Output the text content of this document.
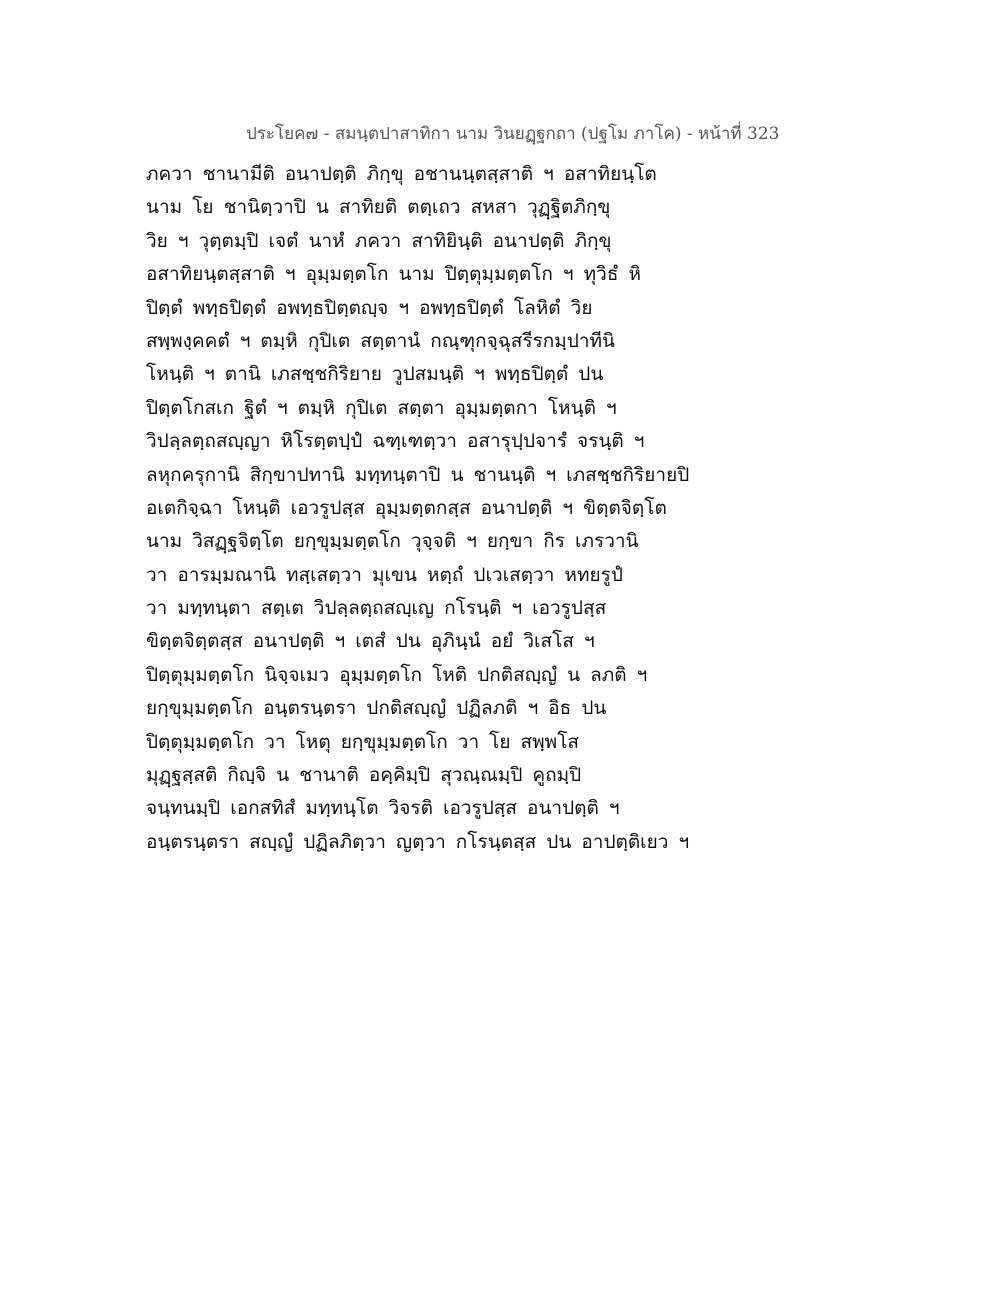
ประโยค๗ - สมนฺตปาสาทิกา นาม วินยฏฺฐกถา (ปฐโม ภาโค) - หน้าที่ 323
ภควา ชานามีติ อนาปตฺติ ภิกฺขุ อชานนฺตสฺสาติ ฯ อสาทิยนฺโต
นาม โย ชานิตฺวาปิ น สาทิยติ ตตฺเถว สหสา วุฏฺฐิตภิกฺขุ
วิย ฯ วุตฺตมฺปิ เจตํ นาหํ ภควา สาทิยินฺติ อนาปตฺติ ภิกฺขุ
อสาทิยนฺตสฺสาติ ฯ อุมฺมตฺตโก นาม ปิตฺตุมฺมตฺตโก ฯ ทุวิธํ หิ
ปิตฺตํ พทฺธปิตฺตํ อพทฺธปิตฺตญฺจ ฯ อพทฺธปิตฺตํ โลหิตํ วิย
สพฺพงฺคคตํ ฯ ตมฺหิ กุปิเต สตฺตานํ กณฺฑุกจฺฉุสรีรกมฺปาทีนิ
โหนฺติ ฯ ตานิ เภสชฺชกิริยาย วูปสมนฺติ ฯ พทฺธปิตฺตํ ปน
ปิตฺตโกสเก ฐิตํ ฯ ตมฺหิ กุปิเต สตฺตา อุมฺมตฺตกา โหนฺติ ฯ
วิปลฺลตฺถสญฺญา หิโรตฺตปฺปํ ฉฑฺเฑตฺวา อสารุปฺปจารํ จรนฺติ ฯ
ลหุกครุกานิ สิกฺขาปทานิ มทฺทนฺตาปิ น ชานนฺติ ฯ เภสชฺชกิริยายปิ
อเตกิจฺฉา โหนฺติ เอวรูปสฺส อุมฺมตฺตกสฺส อนาปตฺติ ฯ ขิตฺตจิตฺโต
นาม วิสฏฺฐจิตฺโต ยกฺขุมฺมตฺตโก วุจฺจติ ฯ ยกฺขา กิร เภรวานิ
วา อารมฺมณานิ ทสฺเสตฺวา มุเขน หตฺถํ ปเวเสตฺวา หทยรูปํ
วา มทฺทนฺตา สตฺเต วิปลฺลตฺถสญฺเญ กโรนฺติ ฯ เอวรูปสฺส
ขิตฺตจิตฺตสฺส อนาปตฺติ ฯ เตสํ ปน อุภินฺนํ อยํ วิเสโส ฯ
ปิตฺตุมฺมตฺตโก นิจฺจเมว อุมฺมตฺตโก โหติ ปกติสญฺญํ น ลภติ ฯ
ยกฺขุมฺมตฺตโก อนฺตรนฺตรา ปกติสญฺญํ ปฏิลภติ ฯ อิธ ปน
ปิตฺตุมฺมตฺตโก วา โหตุ ยกฺขุมฺมตฺตโก วา โย สพฺพโส
มุฏฺฐสฺสติ กิญฺจิ น ชานาติ อคฺคิมฺปิ สุวณฺณมฺปิ คูถมฺปิ
จนฺทนมฺปิ เอกสทิสํ มทฺทนฺโต วิจรติ เอวรูปสฺส อนาปตฺติ ฯ
อนฺตรนฺตรา สญฺญํ ปฏิลภิตฺวา ญตฺวา กโรนฺตสฺส ปน อาปตฺติเยว ฯ
